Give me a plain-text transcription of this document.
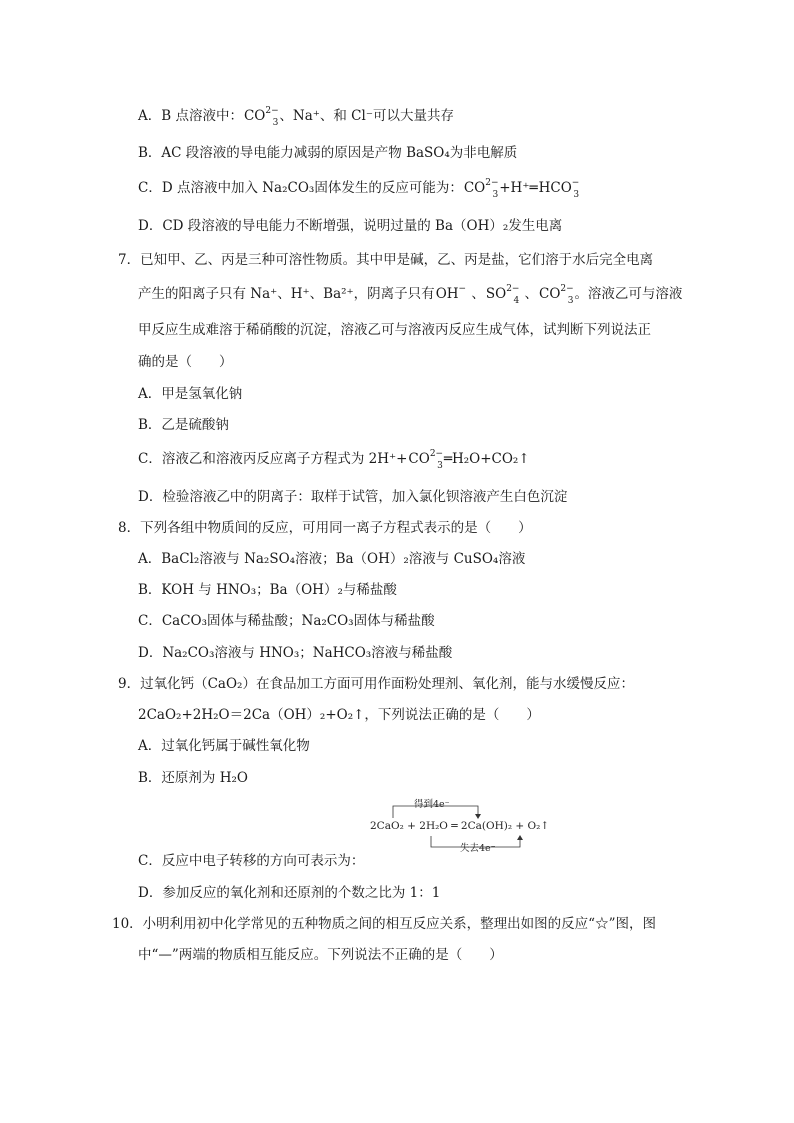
A．B 点溶液中：$CO^{2-}_3$、Na⁺、和 Cl⁻可以大量共存
B．AC 段溶液的导电能力减弱的原因是产物 BaSO₄为非电解质
C．D 点溶液中加入 Na₂CO₃固体发生的反应可能为：$CO^{2-}_3+H^+═HCO^-_3$
D．CD 段溶液的导电能力不断增强，说明过量的 Ba（OH）₂发生电离
7．已知甲、乙、丙是三种可溶性物质。其中甲是碱，乙、丙是盐，它们溶于水后完全电离
产生的阳离子只有 Na⁺、H⁺、Ba²⁺，阴离子只有OH− 、$SO^{2-}_4$ 、$CO^{2-}_3$。溶液乙可与溶液
甲反应生成难溶于稀硝酸的沉淀，溶液乙可与溶液丙反应生成气体，试判断下列说法正
确的是（　　）
A．甲是氢氧化钠
B．乙是硫酸钠
C．溶液乙和溶液丙反应离子方程式为 $2H^++CO^{2-}_3═H_2O+CO_2↑$
D．检验溶液乙中的阴离子：取样于试管，加入氯化钡溶液产生白色沉淀
8．下列各组中物质间的反应，可用同一离子方程式表示的是（　　）
A．BaCl₂溶液与 Na₂SO₄溶液；Ba（OH）₂溶液与 CuSO₄溶液
B．KOH 与 HNO₃；Ba（OH）₂与稀盐酸
C．CaCO₃固体与稀盐酸；Na₂CO₃固体与稀盐酸
D．Na₂CO₃溶液与 HNO₃；NaHCO₃溶液与稀盐酸
9．过氧化钙（CaO₂）在食品加工方面可用作面粉处理剂、氧化剂，能与水缓慢反应：
2CaO₂+2H₂O＝2Ca（OH）₂+O₂↑，下列说法正确的是（　　）
A．过氧化钙属于碱性氧化物
B．还原剂为 H₂O
得到4e⁻
2CaO₂ + 2H₂O ═ 2Ca(OH)₂ + O₂↑
失去4e⁻
C．反应中电子转移的方向可表示为：
D．参加反应的氧化剂和还原剂的个数之比为 1：1
10．小明利用初中化学常见的五种物质之间的相互反应关系，整理出如图的反应“☆”图，图
中“—”两端的物质相互能反应。下列说法不正确的是（　　）
